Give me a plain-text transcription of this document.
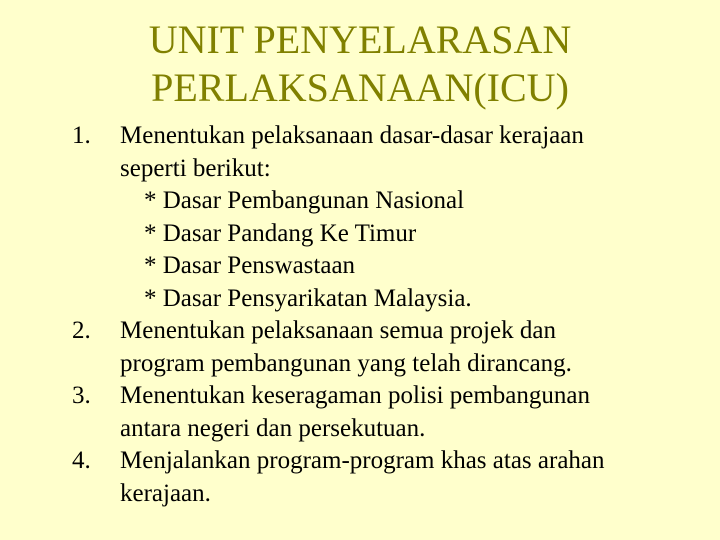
UNIT PENYELARASAN
PERLAKSANAAN(ICU)
1. Menentukan pelaksanaan dasar-dasar kerajaan
seperti berikut:
* Dasar Pembangunan Nasional
* Dasar Pandang Ke Timur
* Dasar Penswastaan
* Dasar Pensyarikatan Malaysia.
2. Menentukan pelaksanaan semua projek dan
program pembangunan yang telah dirancang.
3. Menentukan keseragaman polisi pembangunan
antara negeri dan persekutuan.
4. Menjalankan program-program khas atas arahan
kerajaan.
